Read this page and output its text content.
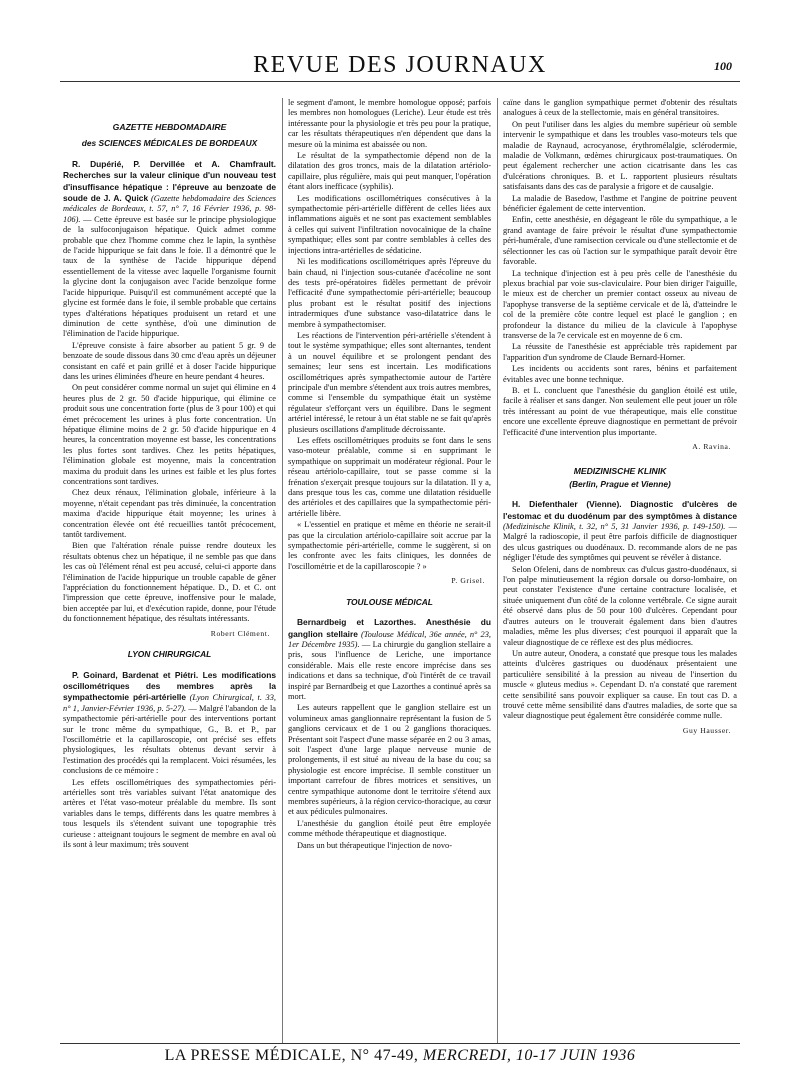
REVUE DES JOURNAUX	100
GAZETTE HEBDOMADAIRE
des SCIENCES MÉDICALES DE BORDEAUX
R. Dupérié, P. Dervillée et A. Chamfrault. Recherches sur la valeur clinique d'un nouveau test d'insuffisance hépatique : l'épreuve au benzoate de soude de J. A. Quick (Gazette hebdomadaire des Sciences médicales de Bordeaux, t. 57, n° 7, 16 Février 1936, p. 98-106). — Cette épreuve est basée sur le principe physiologique de la sulfoconjugaison hépatique. Quick admet comme probable que chez l'homme comme chez le lapin, la synthèse de l'acide hippurique se fait dans le foie. Il a démontré que le taux de la synthèse de l'acide hippurique dépend essentiellement de la vitesse avec laquelle l'organisme fournit la glycine dont la conjugaison avec l'acide benzoïque forme l'acide hippurique. Puisqu'il est communément accepté que la glycine est formée dans le foie, il semble probable que certains types d'altérations hépatiques produisent un retard et une diminution de cette synthèse, d'où une diminution de l'élimination de l'acide hippurique.
L'épreuve consiste à faire absorber au patient 5 gr. 9 de benzoate de soude dissous dans 30 cmc d'eau après un déjeuner consistant en café et pain grillé et à doser l'acide hippurique dans les urines éliminées d'heure en heure pendant 4 heures.
On peut considérer comme normal un sujet qui élimine en 4 heures plus de 2 gr. 50 d'acide hippurique, qui élimine ce produit sous une concentration forte (plus de 3 pour 100) et qui émet précocement les urines à plus forte concentration. Un hépatique élimine moins de 2 gr. 50 d'acide hippurique en 4 heures, la concentration moyenne est basse, les concentrations les plus fortes sont tardives. Chez les petits hépatiques, l'élimination globale est moyenne, mais la concentration maxima du produit dans les urines est faible et les plus fortes concentrations sont tardives.
Chez deux rénaux, l'élimination globale, inférieure à la moyenne, n'était cependant pas très diminuée, la concentration maxima d'acide hippurique était moyenne; les urines à concentration élevée ont été recueillies tantôt précocement, tantôt tardivement.
Bien que l'altération rénale puisse rendre douteux les résultats obtenus chez un hépatique, il ne semble pas que dans les cas où l'élément rénal est peu accusé, celui-ci apporte dans l'élimination de l'acide hippurique un trouble capable de gêner l'appréciation du fonctionnement hépatique. D., D. et C. ont l'impression que cette épreuve, inoffensive pour le malade, bien acceptée par lui, et d'exécution rapide, donne, pour l'étude du fonctionnement hépatique, des résultats intéressants.
Robert Clément.
LYON CHIRURGICAL
P. Goinard, Bardenat et Piétri. Les modifications oscillométriques des membres après la sympathectomie péri-artérielle (Lyon Chirurgical, t. 33, n° 1, Janvier-Février 1936, p. 5-27). — Malgré l'abandon de la sympathectomie péri-artérielle pour des interventions portant sur le tronc même du sympathique, G., B. et P., par l'oscillométrie et la capillaroscopie, ont précisé ses effets physiologiques, les résultats obtenus devant servir à l'estimation des procédés qui la remplacent. Voici résumées, les conclusions de ce mémoire :
Les effets oscillométriques des sympathectomies péri-artérielles sont très variables suivant l'état anatomique des artères et l'état vaso-moteur préalable du membre. Ils sont variables dans le temps, différents dans les quatre membres à tous lesquels ils s'étendent suivant une topographie très curieuse : atteignant toujours le segment de membre en aval où ils sont à leur maximum; très souvent
le segment d'amont, le membre homologue opposé; parfois les membres non homologues (Leriche). Leur étude est très intéressante pour la physiologie et très peu pour la pratique, car les résultats thérapeutiques n'en dépendent que dans la mesure où la minima est abaissée ou non.
Le résultat de la sympathectomie dépend non de la dilatation des gros troncs, mais de la dilatation artériolo-capillaire, plus régulière, mais qui peut manquer, l'opération étant alors inefficace (syphilis).
Les modifications oscillométriques consécutives à la sympathectomie péri-artérielle diffèrent de celles liées aux inflammations aiguës et ne sont pas exactement semblables à celles qui suivent l'infiltration novocaïnique de la chaîne sympathique; elles sont par contre semblables à celles des injections intra-artérielles de sédaticine.
Ni les modifications oscillométriques après l'épreuve du bain chaud, ni l'injection sous-cutanée d'acécoline ne sont des tests pré-opératoires fidèles permettant de prévoir l'efficacité d'une sympathectomie péri-artérielle; beaucoup plus probant est le résultat positif des injections intradermiques d'une substance vaso-dilatatrice dans le membre à sympathectomiser.
Les réactions de l'intervention péri-artérielle s'étendent à tout le système sympathique; elles sont alternantes, tendent à un nouvel équilibre et se prolongent pendant des semaines; leur sens est incertain. Les modifications oscillométriques après sympathectomie autour de l'artère principale d'un membre s'étendent aux trois autres membres, comme si l'ensemble du sympathique était un système régulateur s'efforçant vers un équilibre. Dans le segment artériel intéressé, le retour à un état stable ne se fait qu'après plusieurs oscillations d'amplitude décroissante.
Les effets oscillométriques produits se font dans le sens vaso-moteur préalable, comme si en supprimant le sympathique on supprimait un modérateur régional. Pour le réseau artériolo-capillaire, tout se passe comme si la frénation s'exerçait presque toujours sur la dilatation. Il y a, dans presque tous les cas, comme une dilatation résiduelle des artérioles et des capillaires que la sympathectomie péri-artérielle libère.
« L'essentiel en pratique et même en théorie ne serait-il pas que la circulation artériolo-capillaire soit accrue par la sympathectomie péri-artérielle, comme le suggèrent, si on les confronte avec les faits cliniques, les données de l'oscillométrie et de la capillaroscopie ? »
P. Grisel.
TOULOUSE MÉDICAL
Bernardbeig et Lazorthes. Anesthésie du ganglion stellaire (Toulouse Médical, 36e année, n° 23, 1er Décembre 1935). — La chirurgie du ganglion stellaire a pris, sous l'influence de Leriche, une importance considérable. Mais elle reste encore imprécise dans ses indications et dans sa technique, d'où l'intérêt de ce travail inspiré par Bernardbeig et que Lazorthes a continué après sa mort.
Les auteurs rappellent que le ganglion stellaire est un volumineux amas ganglionnaire représentant la fusion de 5 ganglions cervicaux et de 1 ou 2 ganglions thoraciques. Présentant soit l'aspect d'une masse séparée en 2 ou 3 amas, soit l'aspect d'une large plaque nerveuse munie de prolongements, il est situé au niveau de la base du cou; sa physiologie est encore imprécise. Il semble constituer un important carrefour de fibres motrices et sensitives, un centre sympathique autonome dont le territoire s'étend aux membres supérieurs, à la région cervico-thoracique, au cœur et aux pédicules pulmonaires.
L'anesthésie du ganglion étoilé peut être employée comme méthode thérapeutique et diagnostique.
Dans un but thérapeutique l'injection de novo-
caïne dans le ganglion sympathique permet d'obtenir des résultats analogues à ceux de la stellectomie, mais en général transitoires.
On peut l'utiliser dans les algies du membre supérieur où semble intervenir le sympathique et dans les troubles vaso-moteurs tels que maladie de Raynaud, acrocyanose, érythromélalgie, sclérodermie, maladie de Volkmann, œdèmes chirurgicaux post-traumatiques. On peut également rechercher une action cicatrisante dans les cas d'ulcérations chroniques. B. et L. rapportent plusieurs résultats satisfaisants dans des cas de paralysie a frigore et de causalgie.
La maladie de Basedow, l'asthme et l'angine de poitrine peuvent bénéficier également de cette intervention.
Enfin, cette anesthésie, en dégageant le rôle du sympathique, a le grand avantage de faire prévoir le résultat d'une sympathectomie péri-humérale, d'une ramisection cervicale ou d'une stellectomie et de sélectionner les cas où l'action sur le sympathique paraît devoir être favorable.
La technique d'injection est à peu près celle de l'anesthésie du plexus brachial par voie sus-claviculaire. Pour bien diriger l'aiguille, le mieux est de chercher un premier contact osseux au niveau de l'apophyse transverse de la septième cervicale et de là, d'atteindre le col de la première côte contre lequel est placé le ganglion ; en profondeur la distance du milieu de la clavicule à l'apophyse transverse de la 7e cervicale est en moyenne de 6 cm.
La réussite de l'anesthésie est appréciable très rapidement par l'apparition d'un syndrome de Claude Bernard-Horner.
Les incidents ou accidents sont rares, bénins et parfaitement évitables avec une bonne technique.
B. et L. concluent que l'anesthésie du ganglion étoilé est utile, facile à réaliser et sans danger. Non seulement elle peut jouer un rôle très intéressant au point de vue thérapeutique, mais elle constitue encore une excellente épreuve diagnostique en permettant de prévoir l'efficacité d'une intervention plus importante.
A. Ravina.
MEDIZINISCHE KLINIK
(Berlin, Prague et Vienne)
H. Diefenthaler (Vienne). Diagnostic d'ulcères de l'estomac et du duodénum par des symptômes à distance (Medizinische Klinik, t. 32, n° 5, 31 Janvier 1936, p. 149-150). — Malgré la radioscopie, il peut être parfois difficile de diagnostiquer des ulcus gastriques ou duodénaux. D. recommande alors de ne pas négliger l'étude des symptômes qui peuvent se révéler à distance.
Selon Ofeleni, dans de nombreux cas d'ulcus gastro-duodénaux, si l'on palpe minutieusement la région dorsale ou dorso-lombaire, on peut constater l'existence d'une certaine contracture localisée, et située uniquement d'un côté de la colonne vertébrale. Ce signe aurait été observé dans plus de 50 pour 100 d'ulcères. Cependant pour d'autres auteurs on le trouverait également dans bien d'autres maladies, même les plus diverses; c'est pourquoi il apparaît que la valeur diagnostique de ce réflexe est des plus médiocres.
Un autre auteur, Onodera, a constaté que presque tous les malades atteints d'ulcères gastriques ou duodénaux présentaient une particulière sensibilité à la pression au niveau de l'insertion du muscle « gluteus medius ». Cependant D. n'a constaté que rarement cette sensibilité sans pouvoir expliquer sa cause. En tout cas D. a trouvé cette même sensibilité dans d'autres maladies, de sorte que sa valeur diagnostique peut également être considérée comme nulle.
Guy Hausser.
LA PRESSE MÉDICALE, N° 47-49, MERCREDI, 10-17 JUIN 1936
